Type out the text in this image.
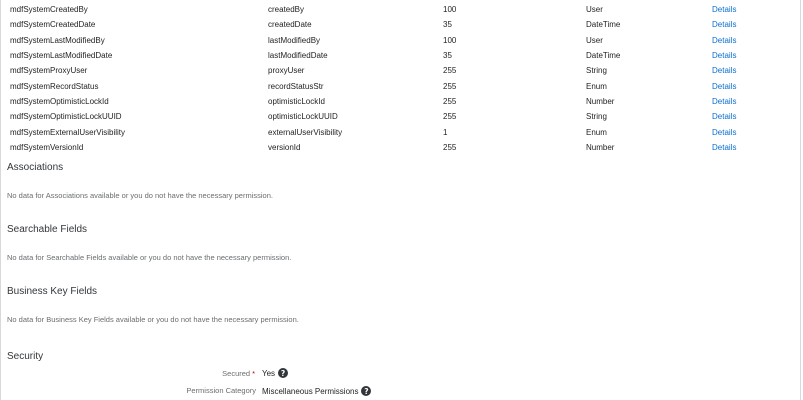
mdfSystemCreatedBy	createdBy	100	User	Details
mdfSystemCreatedDate	createdDate	35	DateTime	Details
mdfSystemLastModifiedBy	lastModifiedBy	100	User	Details
mdfSystemLastModifiedDate	lastModifiedDate	35	DateTime	Details
mdfSystemProxyUser	proxyUser	255	String	Details
mdfSystemRecordStatus	recordStatusStr	255	Enum	Details
mdfSystemOptimisticLockId	optimisticLockId	255	Number	Details
mdfSystemOptimisticLockUUID	optimisticLockUUID	255	String	Details
mdfSystemExternalUserVisibility	externalUserVisibility	1	Enum	Details
mdfSystemVersionId	versionId	255	Number	Details
Associations
No data for Associations available or you do not have the necessary permission.
Searchable Fields
No data for Searchable Fields available or you do not have the necessary permission.
Business Key Fields
No data for Business Key Fields available or you do not have the necessary permission.
Security
Secured * Yes ?
Permission Category Miscellaneous Permissions ?
